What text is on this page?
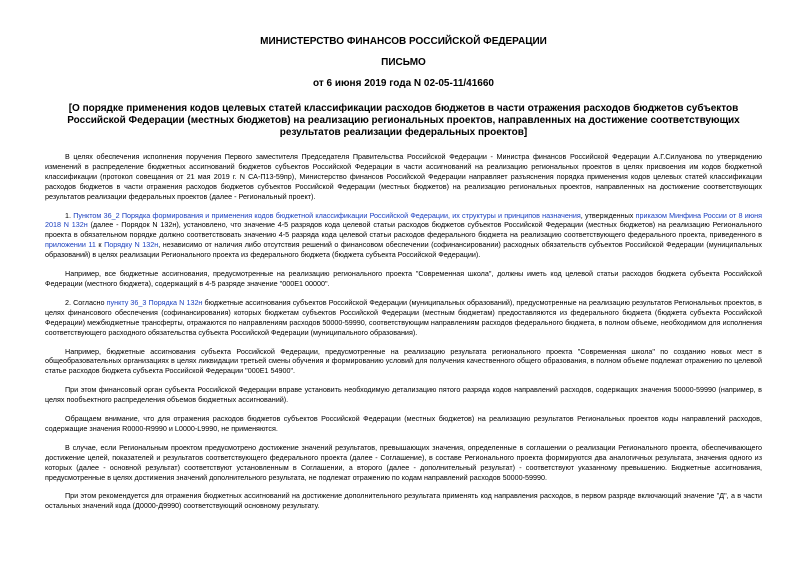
МИНИСТЕРСТВО ФИНАНСОВ РОССИЙСКОЙ ФЕДЕРАЦИИ
ПИСЬМО
от 6 июня 2019 года N 02-05-11/41660
[О порядке применения кодов целевых статей классификации расходов бюджетов в части отражения расходов бюджетов субъектов Российской Федерации (местных бюджетов) на реализацию региональных проектов, направленных на достижение соответствующих результатов реализации федеральных проектов]

В целях обеспечения исполнения поручения Первого заместителя Председателя Правительства Российской Федерации - Министра финансов Российской Федерации А.Г.Силуанова по утверждению изменений в распределение бюджетных ассигнований бюджетов субъектов Российской Федерации в части ассигнований на реализацию региональных проектов в целях присвоения им кодов бюджетной классификации (протокол совещания от 21 мая 2019 г. N СА-П13-59пр), Министерство финансов Российской Федерации направляет разъяснения порядка применения кодов целевых статей классификации расходов бюджетов в части отражения расходов бюджетов субъектов Российской Федерации (местных бюджетов) на реализацию региональных проектов, направленных на достижение соответствующих результатов реализации федеральных проектов (далее - Региональный проект).

1. Пунктом 36_2 Порядка формирования и применения кодов бюджетной классификации Российской Федерации, их структуры и принципов назначения, утвержденных приказом Минфина России от 8 июня 2018 N 132н (далее - Порядок N 132н), установлено, что значение 4-5 разрядов кода целевой статьи расходов бюджетов субъектов Российской Федерации (местных бюджетов) на реализацию Регионального проекта в обязательном порядке должно соответствовать значению 4-5 разряда кода целевой статьи расходов федерального бюджета на реализацию соответствующего федерального проекта, приведенного в приложении 11 к Порядку N 132н, независимо от наличия либо отсутствия решений о финансовом обеспечении (софинансировании) расходных обязательств субъектов Российской Федерации (муниципальных образований) в целях реализации Регионального проекта из федерального бюджета (бюджета субъекта Российской Федерации).

Например, все бюджетные ассигнования, предусмотренные на реализацию регионального проекта "Современная школа", должны иметь код целевой статьи расходов бюджета субъекта Российской Федерации (местного бюджета), содержащий в 4-5 разряде значение "000Е1 00000".

2. Согласно пункту 36_3 Порядка N 132н бюджетные ассигнования субъектов Российской Федерации (муниципальных образований), предусмотренные на реализацию результатов Региональных проектов, в целях финансового обеспечения (софинансирования) которых бюджетам субъектов Российской Федерации (местным бюджетам) предоставляются из федерального бюджета (бюджета субъекта Российской Федерации) межбюджетные трансферты, отражаются по направлениям расходов 50000-59990, соответствующим направлениям расходов федерального бюджета, в полном объеме, необходимом для исполнения соответствующего расходного обязательства субъекта Российской Федерации (муниципального образования).

Например, бюджетные ассигнования субъекта Российской Федерации, предусмотренные на реализацию результата регионального проекта "Современная школа" по созданию новых мест в общеобразовательных организациях в целях ликвидации третьей смены обучения и формированию условий для получения качественного общего образования, в полном объеме подлежат отражению по целевой статье расходов бюджета субъекта Российской Федерации "000Е1 54900".

При этом финансовый орган субъекта Российской Федерации вправе установить необходимую детализацию пятого разряда кодов направлений расходов, содержащих значения 50000-59990 (например, в целях пообъектного распределения объемов бюджетных ассигнований).

Обращаем внимание, что для отражения расходов бюджетов субъектов Российской Федерации (местных бюджетов) на реализацию результатов Региональных проектов коды направлений расходов, содержащие значения R0000-R9990 и L0000-L9990, не применяются.

В случае, если Региональным проектом предусмотрено достижение значений результатов, превышающих значения, определенные в соглашении о реализации Регионального проекта, обеспечивающего достижение целей, показателей и результатов соответствующего федерального проекта (далее - Соглашение), в составе Регионального проекта формируются два аналогичных результата, значения одного из которых (далее - основной результат) соответствуют установленным в Соглашении, а второго (далее - дополнительный результат) - соответствуют указанному превышению. Бюджетные ассигнования, предусмотренные в целях достижения значений дополнительного результата, не подлежат отражению по кодам направлений расходов 50000-59990.

При этом рекомендуется для отражения бюджетных ассигнований на достижение дополнительного результата применять код направления расходов, в первом разряде включающий значение "Д", а в части остальных значений кода (Д0000-Д9990) соответствующий основному результату.
